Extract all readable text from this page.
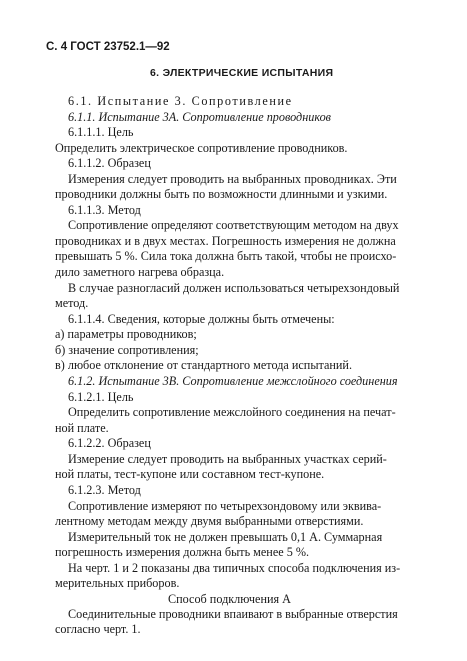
С. 4 ГОСТ 23752.1—92
6. ЭЛЕКТРИЧЕСКИЕ ИСПЫТАНИЯ
6.1. Испытание 3. Сопротивление
6.1.1. Испытание 3А. Сопротивление проводников
6.1.1.1. Цель
Определить электрическое сопротивление проводников.
6.1.1.2. Образец
Измерения следует проводить на выбранных проводниках. Эти
проводники должны быть по возможности длинными и узкими.
6.1.1.3. Метод
Сопротивление определяют соответствующим методом на двух
проводниках и в двух местах. Погрешность измерения не должна
превышать 5 %. Сила тока должна быть такой, чтобы не происхо-
дило заметного нагрева образца.
В случае разногласий должен использоваться четырехзондовый
метод.
6.1.1.4. Сведения, которые должны быть отмечены:
а) параметры проводников;
б) значение сопротивления;
в) любое отклонение от стандартного метода испытаний.
6.1.2. Испытание 3В. Сопротивление межслойного соединения
6.1.2.1. Цель
Определить сопротивление межслойного соединения на печат-
ной плате.
6.1.2.2. Образец
Измерение следует проводить на выбранных участках серий-
ной платы, тест-купоне или составном тест-купоне.
6.1.2.3. Метод
Сопротивление измеряют по четырехзондовому или эквива-
лентному методам между двумя выбранными отверстиями.
Измерительный ток не должен превышать 0,1 А. Суммарная
погрешность измерения должна быть менее 5 %.
На черт. 1 и 2 показаны два типичных способа подключения из-
мерительных приборов.
Способ подключения А
Соединительные проводники впаивают в выбранные отверстия
согласно черт. 1.
